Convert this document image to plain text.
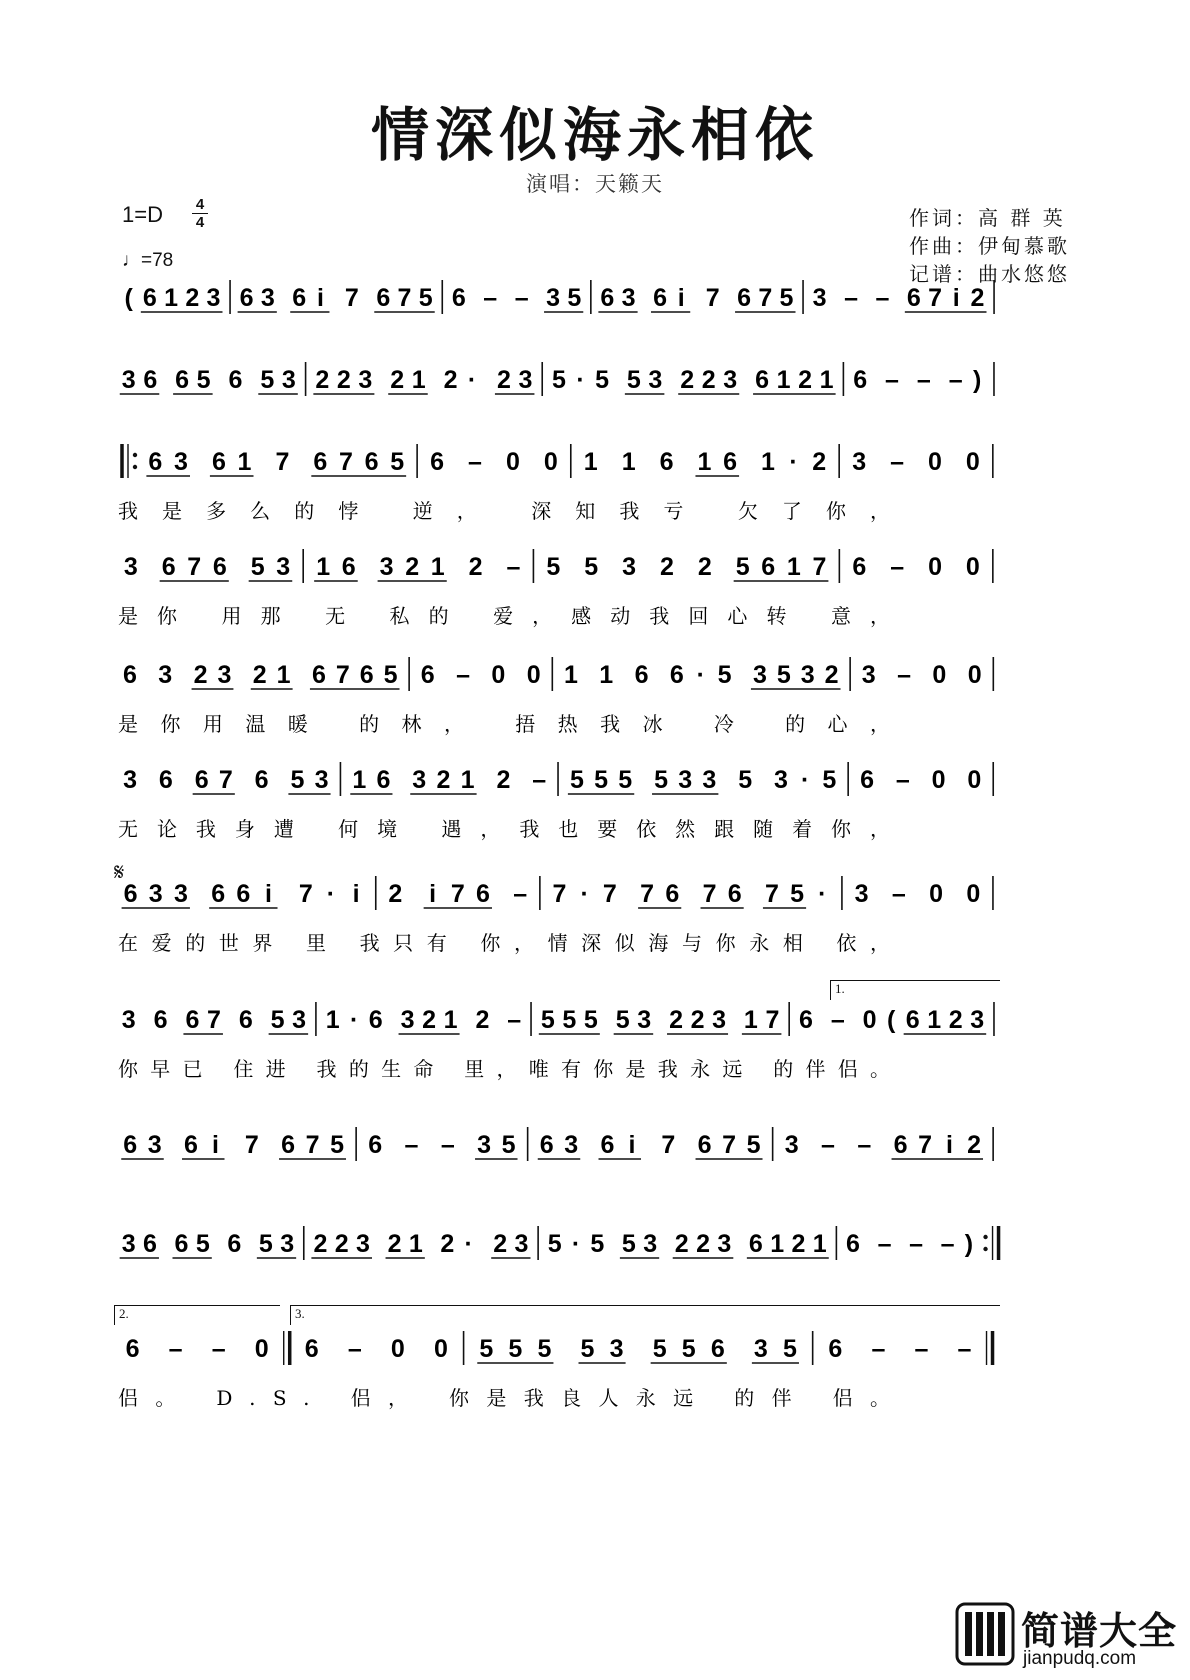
情深似海永相依
演唱：天籁天
1=D	4
4
♩=78
作词：高 群 英
作曲：伊甸慕歌
记谱：曲水悠悠
( 6 1 2 3 6 3 6 i 7 6 7 5 6 – – 3 5 6 3 6 i 7 6 7 5 3 – – 6 7 i 2
3 6 6 5 6 5 3 2 2 3 2 1 2 · 2 3 5 · 5 5 3 2 2 3 6 1 2 1 6 – – – )
6 3 6 1 7 6 7 6 5 6 – 0 0 1 1 6 1 6 1 · 2 3 – 0 0
我是多么的悖 逆， 深知我亏 欠了你，
3 6 7 6 5 3 1 6 3 2 1 2 – 5 5 3 2 2 5 6 1 7 6 – 0 0
是你 用那 无 私的 爱，感动我回心转 意，
6 3 2 3 2 1 6 7 6 5 6 – 0 0 1 1 6 6 · 5 3 5 3 2 3 – 0 0
是你用温暖 的林， 捂热我冰 冷 的心，
3 6 6 7 6 5 3 1 6 3 2 1 2 – 5 5 5 5 3 3 5 3 · 5 6 – 0 0
无论我身遭 何境 遇，我也要依然跟随着你，
6 3 3 6 6 i 7 · i 2 i 7 6 – 7 · 7 7 6 7 6 7 5 · 3 – 0 0
在爱的世界 里 我只有 你，情深似海与你永相 依，
3 6 6 7 6 5 3 1 · 6 3 2 1 2 – 5 5 5 5 3 2 2 3 1 7 6 – 0 ( 6 1 2 3
你早已 住进 我的生命 里，唯有你是我永远 的伴侣。
6 3 6 i 7 6 7 5 6 – – 3 5 6 3 6 i 7 6 7 5 3 – – 6 7 i 2
3 6 6 5 6 5 3 2 2 3 2 1 2 · 2 3 5 · 5 5 3 2 2 3 6 1 2 1 6 – – – )
6 – – 0 6 – 0 0 5 5 5 5 3 5 5 6 3 5 6 – – –
侣。 D.S. 侣， 你是我良人永远 的伴 侣。
𝄋
1.
2.	3.
简谱大全
jianpudq.com
